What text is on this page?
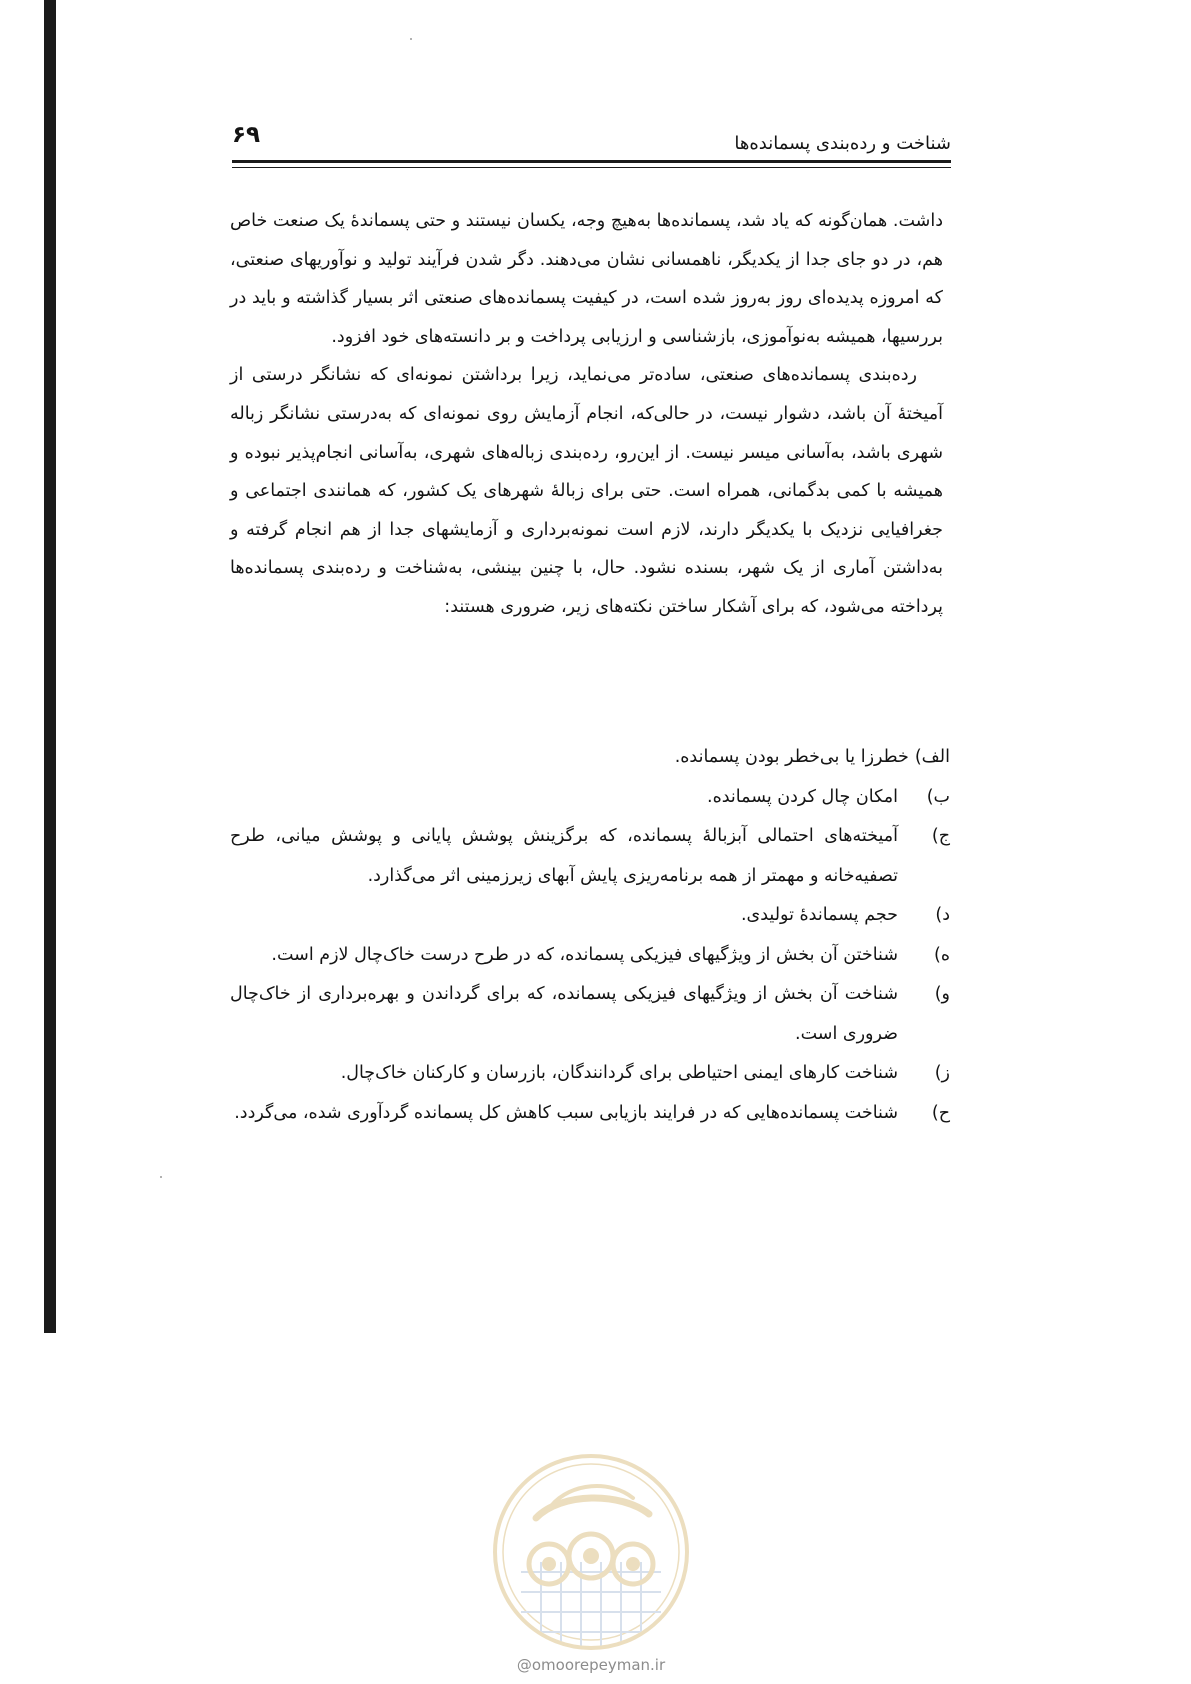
۶۹	شناخت و رده‌بندی پسمانده‌ها

داشت. همان‌گونه که یاد شد، پسمانده‌ها به‌هیچ وجه، یکسان نیستند و حتی پسماندهٔ یک صنعت خاص هم، در دو جای جدا از یکدیگر، ناهمسانی نشان می‌دهند. دگر شدن فرآیند تولید و نوآوریهای صنعتی، که امروزه پدیده‌ای روز به‌روز شده است، در کیفیت پسمانده‌های صنعتی اثر بسیار گذاشته و باید در بررسیها، همیشه به‌نوآموزی، بازشناسی و ارزیابی پرداخت و بر دانسته‌های خود افزود.

رده‌بندی پسمانده‌های صنعتی، ساده‌تر می‌نماید، زیرا برداشتن نمونه‌ای که نشانگر درستی از آمیختهٔ آن باشد، دشوار نیست، در حالی‌که، انجام آزمایش روی نمونه‌ای که به‌درستی نشانگر زباله شهری باشد، به‌آسانی میسر نیست. از این‌رو، رده‌بندی زباله‌های شهری، به‌آسانی انجام‌پذیر نبوده و همیشه با کمی بدگمانی، همراه است. حتی برای زبالهٔ شهرهای یک کشور، که همانندی اجتماعی و جغرافیایی نزدیک با یکدیگر دارند، لازم است نمونه‌برداری و آزمایشهای جدا از هم انجام گرفته و به‌داشتن آماری از یک شهر، بسنده نشود. حال، با چنین بینشی، به‌شناخت و رده‌بندی پسمانده‌ها پرداخته می‌شود، که برای آشکار ساختن نکته‌های زیر، ضروری هستند:

الف)
خطرزا یا بی‌خطر بودن پسمانده.
ب)
امکان چال کردن پسمانده.
ج)
آمیخته‌های احتمالی آبزبالهٔ پسمانده، که برگزینش پوشش پایانی و پوشش میانی، طرح تصفیه‌خانه و مهمتر از همه برنامه‌ریزی پایش آبهای زیرزمینی اثر می‌گذارد.
د)
حجم پسماندهٔ تولیدی.
ه)
شناختن آن بخش از ویژگیهای فیزیکی پسمانده، که در طرح درست خاک‌چال لازم است.
و)
شناخت آن بخش از ویژگیهای فیزیکی پسمانده، که برای گرداندن و بهره‌برداری از خاک‌چال ضروری است.
ز)
شناخت کارهای ایمنی احتیاطی برای گردانندگان، بازرسان و کارکنان خاک‌چال.
ح)
شناخت پسمانده‌هایی که در فرایند بازیابی سبب کاهش کل پسمانده گردآوری شده، می‌گردد.
@omoorepeyman.ir
